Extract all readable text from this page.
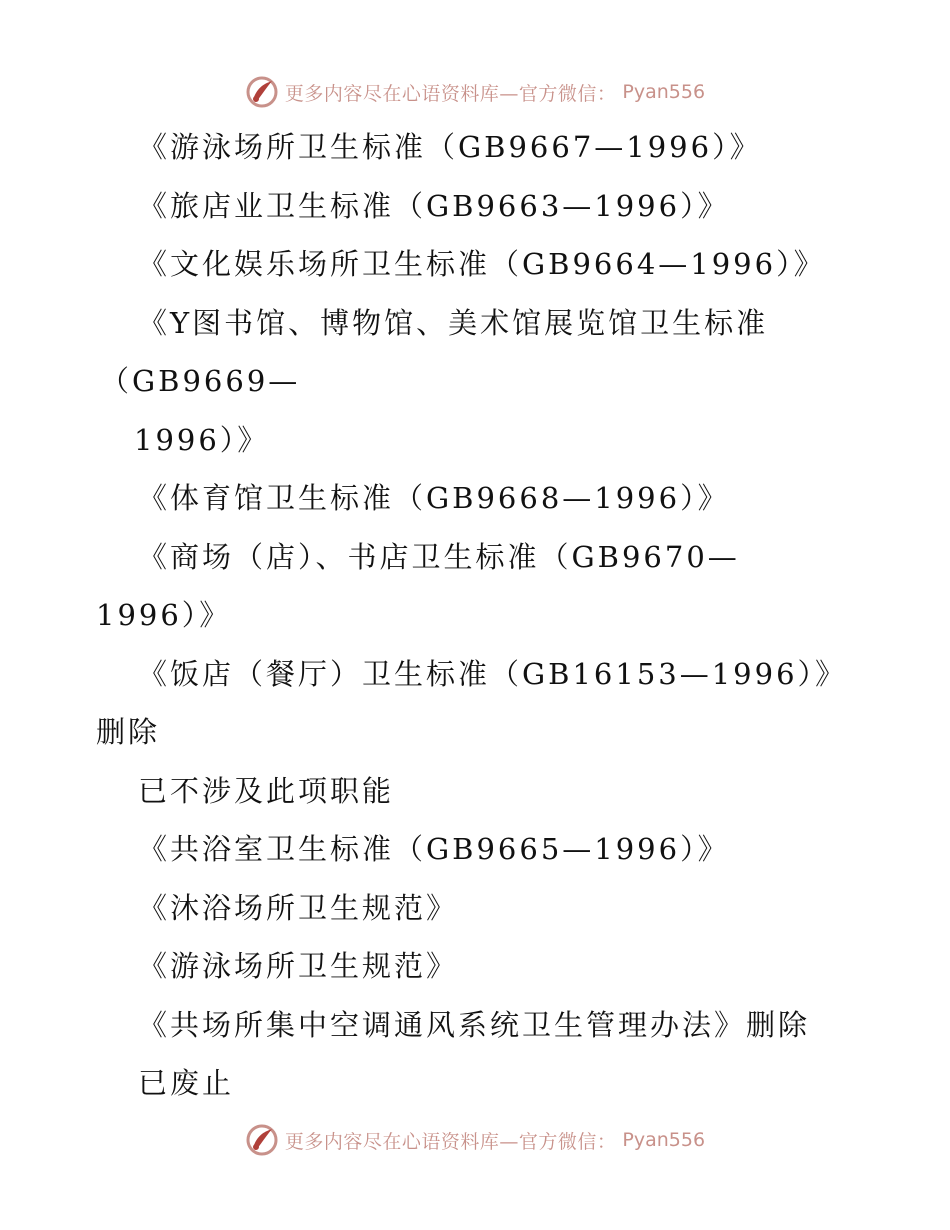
更多内容尽在心语资料库—官方微信： Pyan556
《游泳场所卫生标准（GB9667—1996）》
《旅店业卫生标准（GB9663—1996）》
《文化娱乐场所卫生标准（GB9664—1996）》
《Y图书馆、博物馆、美术馆展览馆卫生标准
（GB9669—
1996）》
《体育馆卫生标准（GB9668—1996）》
《商场（店）、书店卫生标准（GB9670—
1996）》
《饭店（餐厅）卫生标准（GB16153—1996）》
删除
已不涉及此项职能
《共浴室卫生标准（GB9665—1996）》
《沐浴场所卫生规范》
《游泳场所卫生规范》
《共场所集中空调通风系统卫生管理办法》删除
已废止
更多内容尽在心语资料库—官方微信： Pyan556
